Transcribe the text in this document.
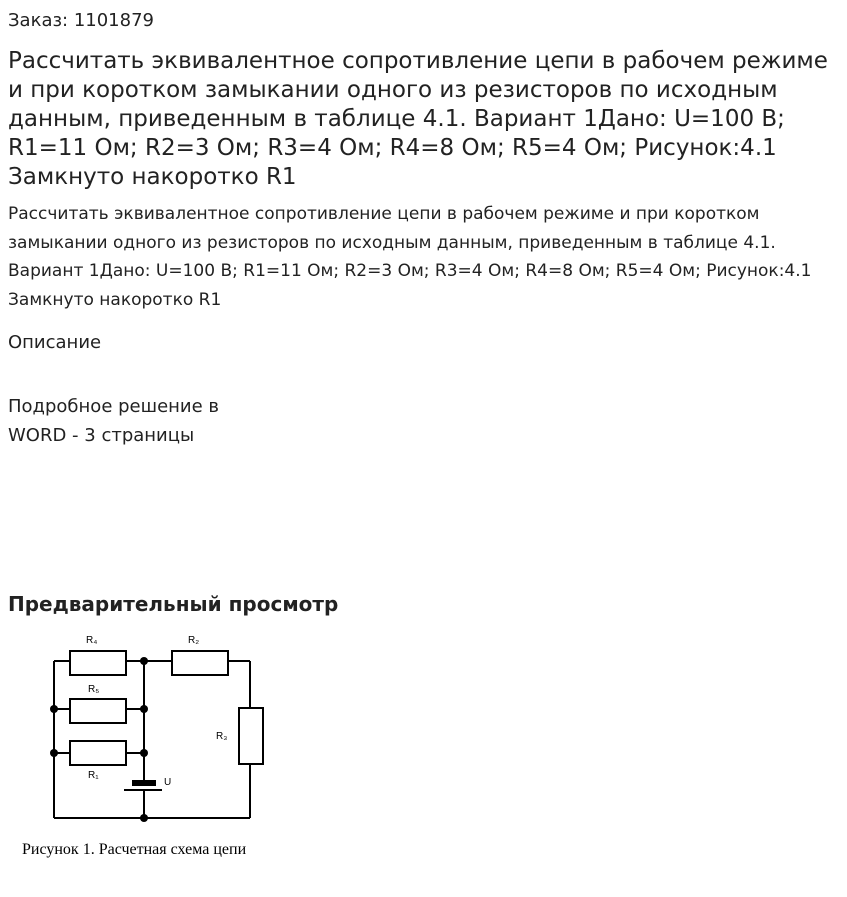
Заказ: 1101879
Рассчитать эквивалентное сопротивление цепи в рабочем режиме и при коротком замыкании одного из резисторов по исходным данным, приведенным в таблице 4.1. Вариант 1Дано: U=100 В; R1=11 Ом; R2=3 Ом; R3=4 Ом; R4=8 Ом; R5=4 Ом; Рисунок:4.1 Замкнуто накоротко R1
Рассчитать эквивалентное сопротивление цепи в рабочем режиме и при коротком замыкании одного из резисторов по исходным данным, приведенным в таблице 4.1. Вариант 1Дано: U=100 В; R1=11 Ом; R2=3 Ом; R3=4 Ом; R4=8 Ом; R5=4 Ом; Рисунок:4.1 Замкнуто накоротко R1
Описание
Подробное решение в WORD - 3 страницы
Предварительный просмотр
R₄	R₂
R₅
R₃
R₁
U
Рисунок 1. Расчетная схема цепи
